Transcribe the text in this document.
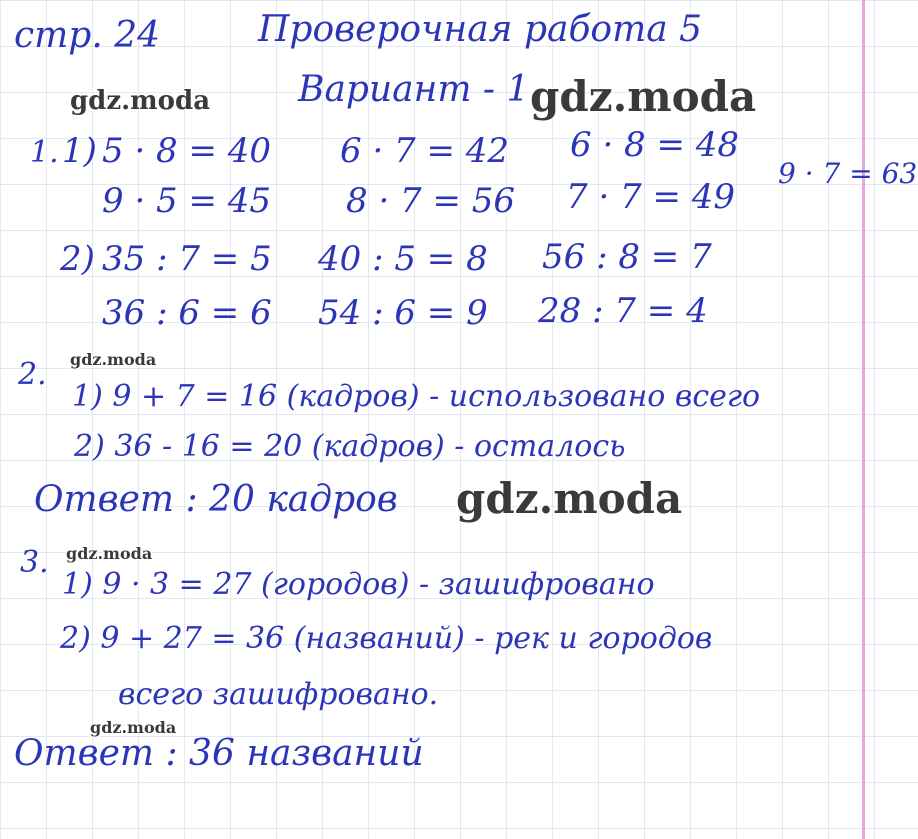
стр. 24	Проверочная работа 5
Вариант - 1
1. 1) 5 · 8 = 40 6 · 7 = 42 6 · 8 = 48
9 · 5 = 45 8 · 7 = 56 7 · 7 = 49
9 · 7 = 63
2) 35 : 7 = 5 40 : 5 = 8 56 : 8 = 7
36 : 6 = 6 54 : 6 = 9 28 : 7 = 4
2.
1) 9 + 7 = 16 (кадров) - использовано всего
2) 36 - 16 = 20 (кадров) - осталось
Ответ : 20 кадров
3.
1) 9 · 3 = 27 (городов) - зашифровано
2) 9 + 27 = 36 (названий) - рек и городов
всего зашифровано.
Ответ : 36 названий
gdz.moda	gdz.moda
gdz.moda
gdz.moda
gdz.moda
gdz.moda
